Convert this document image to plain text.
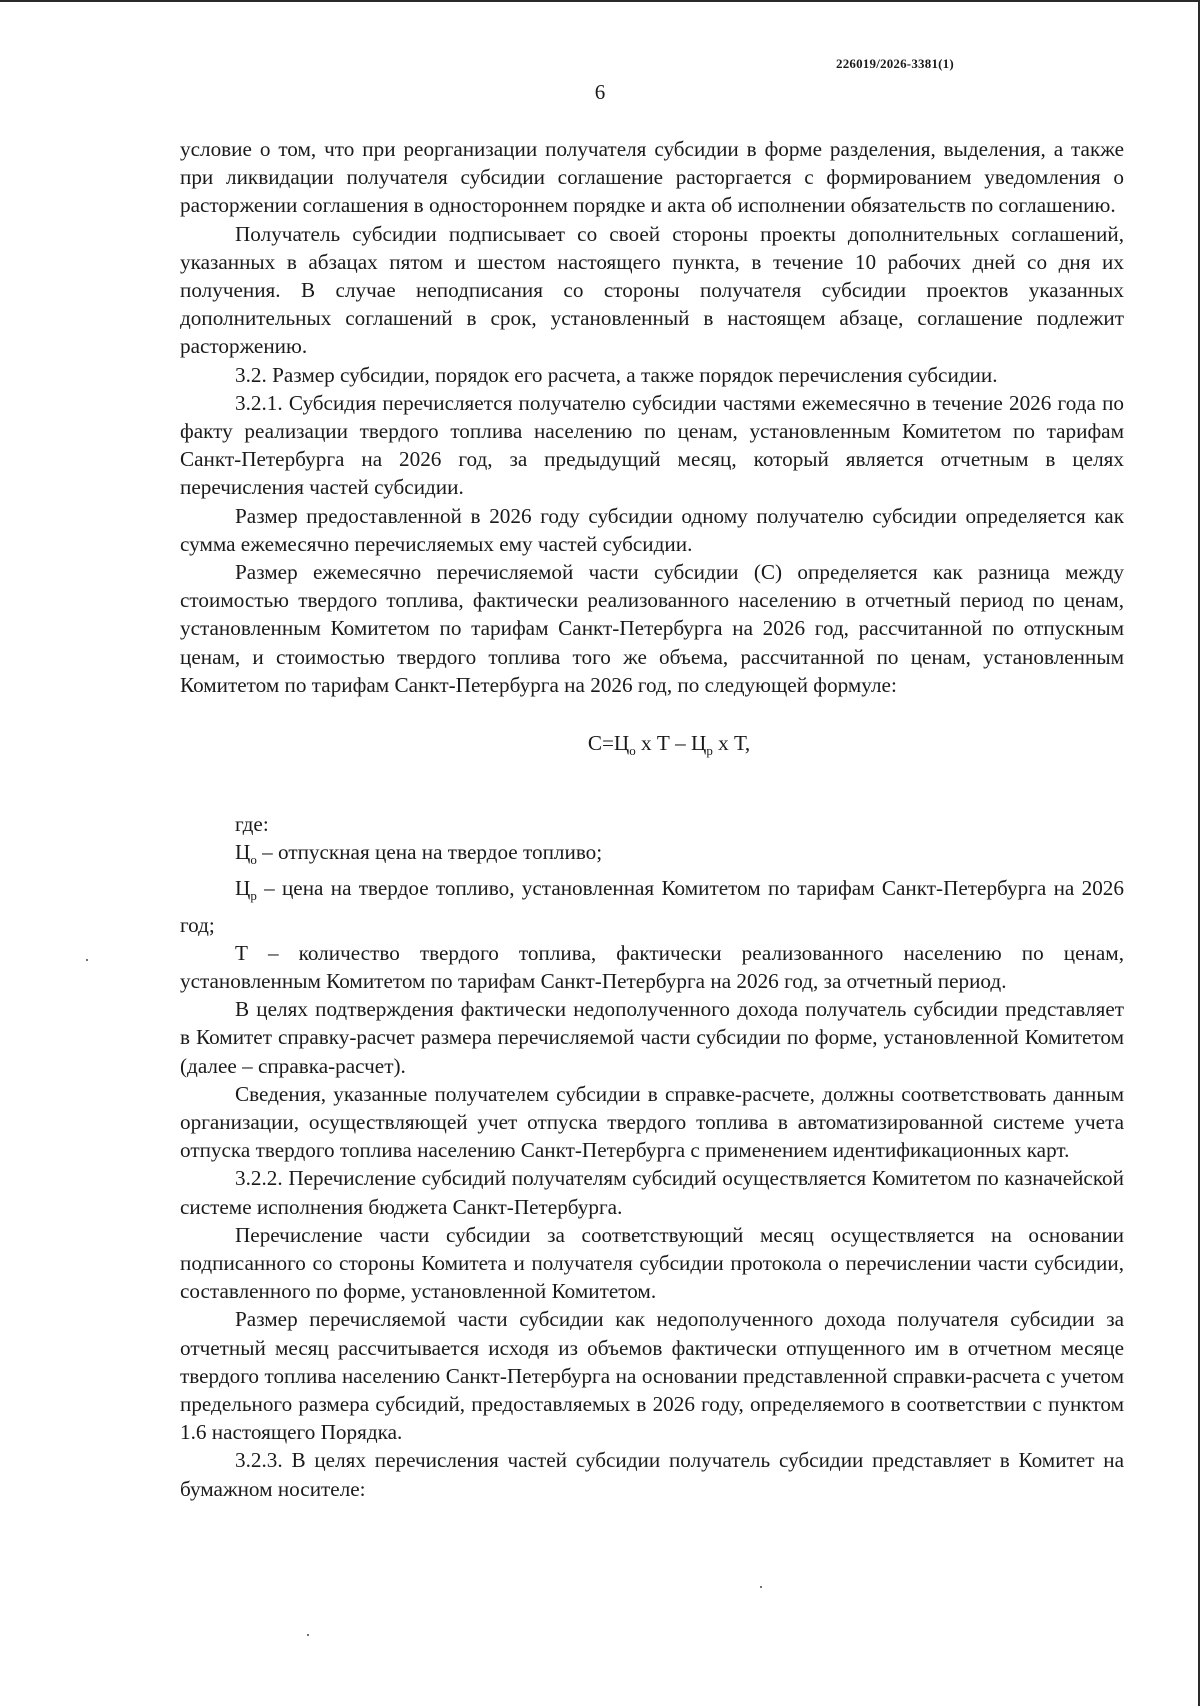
226019/2026-3381(1)
6

условие о том, что при реорганизации получателя субсидии в форме разделения, выделения, а также при ликвидации получателя субсидии соглашение расторгается с формированием уведомления о расторжении соглашения в одностороннем порядке и акта об исполнении обязательств по соглашению.

Получатель субсидии подписывает со своей стороны проекты дополнительных соглашений, указанных в абзацах пятом и шестом настоящего пункта, в течение 10 рабочих дней со дня их получения. В случае неподписания со стороны получателя субсидии проектов указанных дополнительных соглашений в срок, установленный в настоящем абзаце, соглашение подлежит расторжению.

3.2. Размер субсидии, порядок его расчета, а также порядок перечисления субсидии.

3.2.1. Субсидия перечисляется получателю субсидии частями ежемесячно в течение 2026 года по факту реализации твердого топлива населению по ценам, установленным Комитетом по тарифам Санкт-Петербурга на 2026 год, за предыдущий месяц, который является отчетным в целях перечисления частей субсидии.

Размер предоставленной в 2026 году субсидии одному получателю субсидии определяется как сумма ежемесячно перечисляемых ему частей субсидии.

Размер ежемесячно перечисляемой части субсидии (С) определяется как разница между стоимостью твердого топлива, фактически реализованного населению в отчетный период по ценам, установленным Комитетом по тарифам Санкт-Петербурга на 2026 год, рассчитанной по отпускным ценам, и стоимостью твердого топлива того же объема, рассчитанной по ценам, установленным Комитетом по тарифам Санкт-Петербурга на 2026 год, по следующей формуле:

$С=Ц_о$ х Т – $Ц_р$ х Т,

где:

$Ц_о$ – отпускная цена на твердое топливо;

$Ц_р$ – цена на твердое топливо, установленная Комитетом по тарифам Санкт-Петербурга на 2026 год;

Т – количество твердого топлива, фактически реализованного населению по ценам, установленным Комитетом по тарифам Санкт-Петербурга на 2026 год, за отчетный период.

В целях подтверждения фактически недополученного дохода получатель субсидии представляет в Комитет справку-расчет размера перечисляемой части субсидии по форме, установленной Комитетом (далее – справка-расчет).

Сведения, указанные получателем субсидии в справке-расчете, должны соответствовать данным организации, осуществляющей учет отпуска твердого топлива в автоматизированной системе учета отпуска твердого топлива населению Санкт-Петербурга с применением идентификационных карт.

3.2.2. Перечисление субсидий получателям субсидий осуществляется Комитетом по казначейской системе исполнения бюджета Санкт-Петербурга.

Перечисление части субсидии за соответствующий месяц осуществляется на основании подписанного со стороны Комитета и получателя субсидии протокола о перечислении части субсидии, составленного по форме, установленной Комитетом.

Размер перечисляемой части субсидии как недополученного дохода получателя субсидии за отчетный месяц рассчитывается исходя из объемов фактически отпущенного им в отчетном месяце твердого топлива населению Санкт-Петербурга на основании представленной справки-расчета с учетом предельного размера субсидий, предоставляемых в 2026 году, определяемого в соответствии с пунктом 1.6 настоящего Порядка.

3.2.3. В целях перечисления частей субсидии получатель субсидии представляет в Комитет на бумажном носителе:
